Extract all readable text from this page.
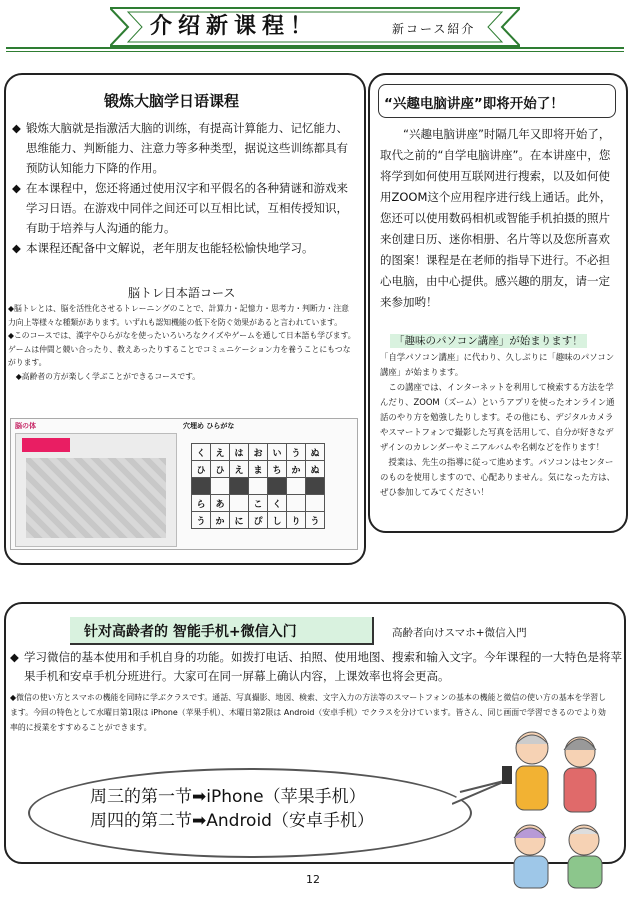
介绍新课程！	新コース紹介
锻炼大脑学日语课程
◆ 锻炼大脑就是指激活大脑的训练，有提高计算能力、记忆能力、思维能力、判断能力、注意力等多种类型，据说这些训练都具有预防认知能力下降的作用。
◆ 在本课程中，您还将通过使用汉字和平假名的各种猜谜和游戏来学习日语。在游戏中同伴之间还可以互相比试，互相传授知识，有助于培养与人沟通的能力。
◆ 本课程还配备中文解说，老年朋友也能轻松愉快地学习。
脳トレ日本語コース
◆脳トレとは、脳を活性化させるトレーニングのことで、計算力・記憶力・思考力・判断力・注意力向上等様々な種類があります。いずれも認知機能の低下を防ぐ効果があると言われています。
◆このコースでは、漢字やひらがなを使ったいろいろなクイズやゲームを通して日本語も学びます。ゲームは仲間と競い合ったり、教えあったりすることでコミュニケーション力を養うことにもつながります。
　◆高齢者の方が楽しく学ぶことができるコースです。
脳の体	穴埋め ひらがな
く	え	は	お	い	う	ぬ
ひ	ひ	え	ま	ち	か	ぬ

ら	あ		こ	く		
う	か	に	ぴ	し	り	う
“兴趣电脑讲座”即将开始了！
“兴趣电脑讲座”时隔几年又即将开始了，取代之前的“自学电脑讲座”。在本讲座中，您将学到如何使用互联网进行搜索，以及如何使用ZOOM这个应用程序进行线上通话。此外，您还可以使用数码相机或智能手机拍摄的照片来创建日历、迷你相册、名片等以及您所喜欢的图案！课程是在老师的指导下进行。不必担心电脑，由中心提供。感兴趣的朋友，请一定来参加哟！
「趣味のパソコン講座」が始まります！
「自学パソコン講座」に代わり、久しぶりに「趣味のパソコン講座」が始まります。
　この講座では、インターネットを利用して検索する方法を学んだり、ZOOM（ズーム）というアプリを使ったオンライン通話のやり方を勉強したりします。その他にも、デジタルカメラやスマートフォンで撮影した写真を活用して、自分が好きなデザインのカレンダーやミニアルバムや名刺などを作ります！
　授業は、先生の指導に従って進めます。パソコンはセンターのものを使用しますので、心配ありません。気になった方は、ぜひ参加してみてください！
针对高龄者的 智能手机+微信入门	高齢者向けスマホ+微信入門
◆ 学习微信的基本使用和手机自身的功能。如拨打电话、拍照、使用地图、搜索和输入文字。今年课程的一大特色是将苹果手机和安卓手机分班进行。大家可在同一屏幕上确认内容，上课效率也将会更高。
◆微信の使い方とスマホの機能を同時に学ぶクラスです。通話、写真撮影、地図、検索、文字入力の方法等のスマートフォンの基本の機能と微信の使い方の基本を学習します。今回の特色として水曜日第1限は iPhone（苹果手机）、木曜日第2限は Android（安卓手机）でクラスを分けています。皆さん、同じ画面で学習できるのでより効率的に授業をすすめることができます。
周三的第一节➡iPhone（苹果手机）
周四的第二节➡Android（安卓手机）
12
